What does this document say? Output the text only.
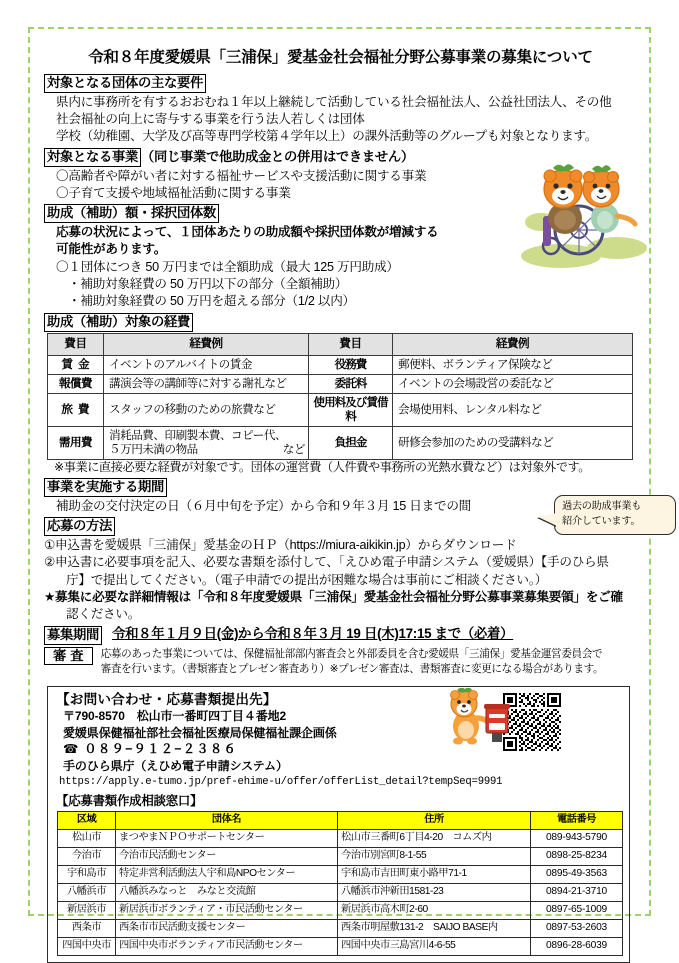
令和８年度愛媛県「三浦保」愛基金社会福祉分野公募事業の募集について
対象となる団体の主な要件
県内に事務所を有するおおむね１年以上継続して活動している社会福祉法人、公益社団法人、その他
社会福祉の向上に寄与する事業を行う法人若しくは団体
学校（幼稚園、大学及び高等専門学校第４学年以上）の課外活動等のグループも対象となります。
対象となる事業 （同じ事業で他助成金との併用はできません）
〇高齢者や障がい者に対する福祉サービスや支援活動に関する事業
〇子育て支援や地域福祉活動に関する事業
助成（補助）額・採択団体数
応募の状況によって、１団体あたりの助成額や採択団体数が増減する
可能性があります。
〇１団体につき 50 万円までは全額助成（最大 125 万円助成）
・補助対象経費の 50 万円以下の部分（全額補助）
・補助対象経費の 50 万円を超える部分（1/2 以内）
助成（補助）対象の経費
費目	経費例	費目	経費例
賃金	イベントのアルバイトの賃金	役務費	郵便料、ボランティア保険など
報償費	講演会等の講師等に対する謝礼など	委託料	イベントの会場設営の委託など
旅費	スタッフの移動のための旅費など	使用料及び賃借料	会場使用料、レンタル料など
需用費	消耗品費、印刷製本費、コピー代、
５万円未満の物品 など	負担金	研修会参加のための受講料など
※事業に直接必要な経費が対象です。団体の運営費（人件費や事務所の光熱水費など）は対象外です。
事業を実施する期間
補助金の交付決定の日（６月中旬を予定）から令和９年３月 15 日までの間
応募の方法
①申込書を愛媛県「三浦保」愛基金のＨＰ（https://miura-aikikin.jp）からダウンロード
②申込書に必要事項を記入、必要な書類を添付して、「えひめ電子申請システム（愛媛県）【手のひら県
庁】で提出してください。（電子申請での提出が困難な場合は事前にご相談ください。）
★募集に必要な詳細情報は「令和８年度愛媛県「三浦保」愛基金社会福祉分野公募事業募集要領」をご確
認ください。
募集期間 令和８年１月９日(金)から令和８年３月 19 日(木)17:15 まで（必着）
審査	応募のあった事業については、保健福祉部部内審査会と外部委員を含む愛媛県「三浦保」愛基金運営委員会で
審査を行います。（書類審査とプレゼン審査あり）※プレゼン審査は、書類審査に変更になる場合があります。
【お問い合わせ・応募書類提出先】
〒790-8570　松山市一番町四丁目４番地2
愛媛県保健福祉部社会福祉医療局保健福祉課企画係
☎ ０８９−９１２−２３８６
手のひら県庁（えひめ電子申請システム）
https://apply.e-tumo.jp/pref-ehime-u/offer/offerList_detail?tempSeq=9991
【応募書類作成相談窓口】
区域	団体名	住所	電話番号
松山市	まつやまＮＰＯサポートセンター	松山市三番町6丁目4-20　コムズ内	089-943-5790
今治市	今治市民活動センター	今治市別宮町8-1-55	0898-25-8234
宇和島市	特定非営利活動法人宇和島NPOセンター	宇和島市吉田町東小路甲71-1	0895-49-3563
八幡浜市	八幡浜みなっと　みなと交流館	八幡浜市沖新田1581-23	0894-21-3710
新居浜市	新居浜市ボランティア・市民活動センター	新居浜市高木町2-60	0897-65-1009
西条市	西条市市民活動支援センター	西条市明屋敷131-2　SAIJO BASE内	0897-53-2603
四国中央市	四国中央市ボランティア市民活動センター	四国中央市三島宮川4-6-55	0896-28-6039
過去の助成事業も
紹介しています。
